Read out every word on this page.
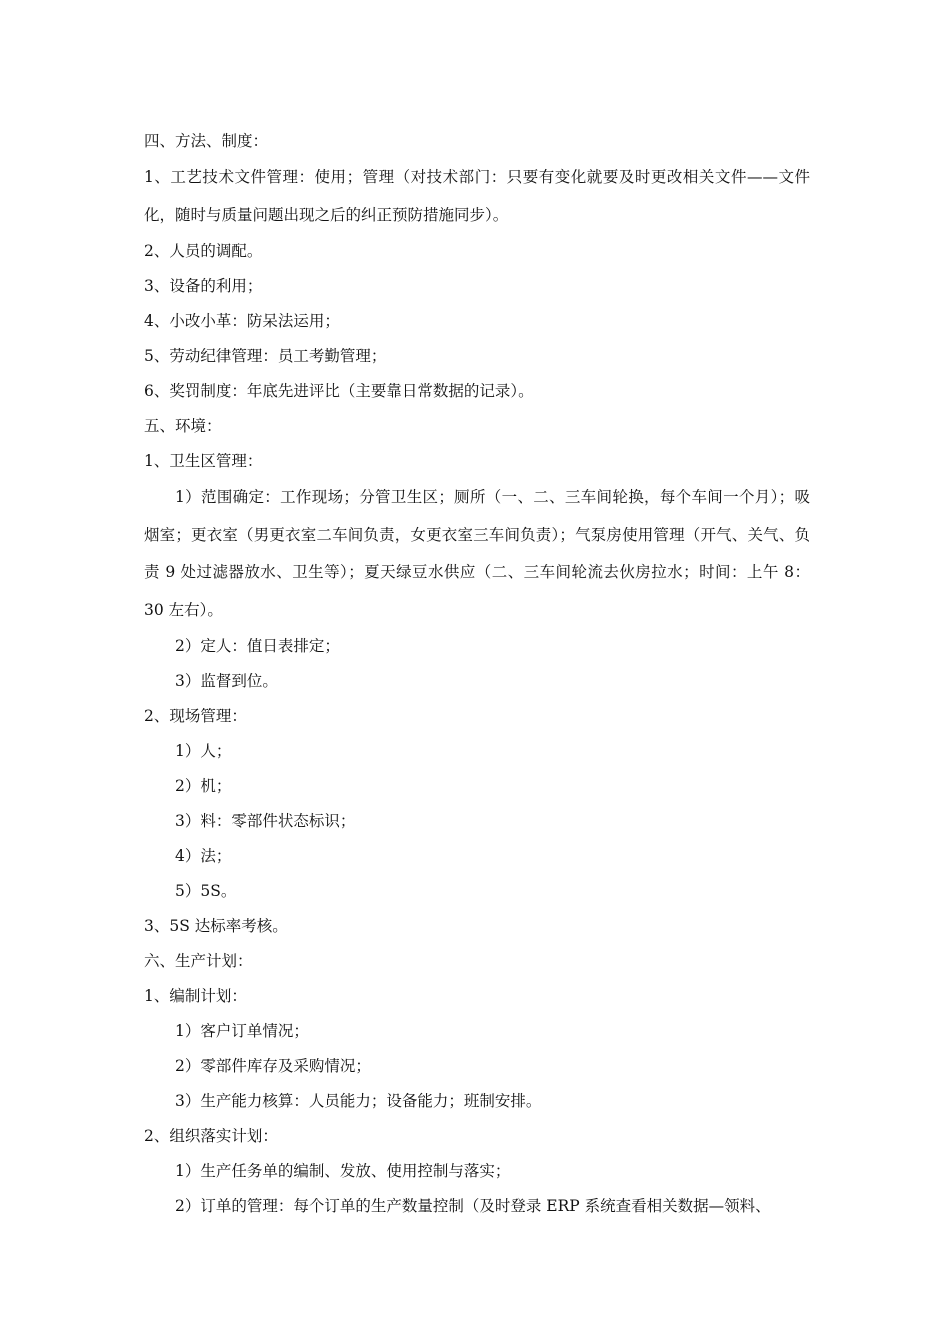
四、方法、制度：
1、工艺技术文件管理：使用；管理（对技术部门：只要有变化就要及时更改相关文件——文件化，随时与质量问题出现之后的纠正预防措施同步）。
2、人员的调配。
3、设备的利用；
4、小改小革：防呆法运用；
5、劳动纪律管理：员工考勤管理；
6、奖罚制度：年底先进评比（主要靠日常数据的记录）。
五、环境：
1、卫生区管理：
1）范围确定：工作现场；分管卫生区；厕所（一、二、三车间轮换，每个车间一个月）；吸烟室；更衣室（男更衣室二车间负责，女更衣室三车间负责）；气泵房使用管理（开气、关气、负责 9 处过滤器放水、卫生等）；夏天绿豆水供应（二、三车间轮流去伙房拉水；时间：上午 8：30 左右）。
2）定人：值日表排定；
3）监督到位。
2、现场管理：
1）人；
2）机；
3）料：零部件状态标识；
4）法；
5）5S。
3、5S 达标率考核。
六、生产计划：
1、编制计划：
1）客户订单情况；
2）零部件库存及采购情况；
3）生产能力核算：人员能力；设备能力；班制安排。
2、组织落实计划：
1）生产任务单的编制、发放、使用控制与落实；
2）订单的管理：每个订单的生产数量控制（及时登录 ERP 系统查看相关数据—领料、
